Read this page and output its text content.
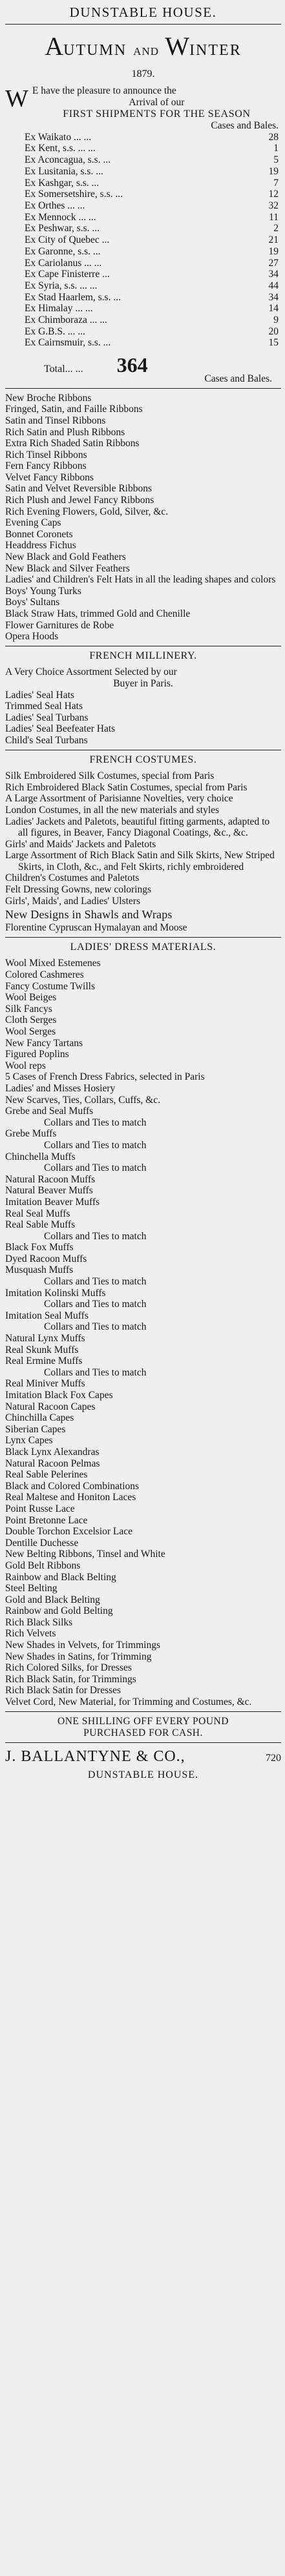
DUNSTABLE HOUSE.
AUTUMN AND WINTER
1879.
W E have the pleasure to announce the
Arrival of our
FIRST SHIPMENTS FOR THE SEASON
Cases and Bales.
Ex Waikato ... ...	28
Ex Kent, s.s. ... ...	1
Ex Aconcagua, s.s. ...	5
Ex Lusitania, s.s. ...	19
Ex Kashgar, s.s. ...	7
Ex Somersetshire, s.s. ...	12
Ex Orthes ... ...	32
Ex Mennock ... ...	11
Ex Peshwar, s.s. ...	2
Ex City of Quebec ...	21
Ex Garonne, s.s. ...	19
Ex Cariolanus ... ...	27
Ex Cape Finisterre ...	34
Ex Syria, s.s. ... ...	44
Ex Stad Haarlem, s.s. ...	34
Ex Himalay ... ...	14
Ex Chimboraza ... ...	9
Ex G.B.S. ... ...	20
Ex Cairnsmuir, s.s. ...	15
Total... ... 364
Cases and Bales.
New Broche Ribbons
Fringed, Satin, and Faille Ribbons
Satin and Tinsel Ribbons
Rich Satin and Plush Ribbons
Extra Rich Shaded Satin Ribbons
Rich Tinsel Ribbons
Fern Fancy Ribbons
Velvet Fancy Ribbons
Satin and Velvet Reversible Ribbons
Rich Plush and Jewel Fancy Ribbons
Rich Evening Flowers, Gold, Silver, &c.
Evening Caps
Bonnet Coronets
Headdress Fichus
New Black and Gold Feathers
New Black and Silver Feathers
Ladies' and Children's Felt Hats in all the leading shapes and colors
Boys' Young Turks
Boys' Sultans
Black Straw Hats, trimmed Gold and Chenille
Flower Garnitures de Robe
Opera Hoods
FRENCH MILLINERY.
A Very Choice Assortment Selected by our
Buyer in Paris.
Ladies' Seal Hats
Trimmed Seal Hats
Ladies' Seal Turbans
Ladies' Seal Beefeater Hats
Child's Seal Turbans
FRENCH COSTUMES.
Silk Embroidered Silk Costumes, special from Paris
Rich Embroidered Black Satin Costumes, special from Paris
A Large Assortment of Parisianne Novelties, very choice
London Costumes, in all the new materials and styles
Ladies' Jackets and Paletots, beautiful fitting garments, adapted to all figures, in Beaver, Fancy Diagonal Coatings, &c., &c.
Girls' and Maids' Jackets and Paletots
Large Assortment of Rich Black Satin and Silk Skirts, New Striped Skirts, in Cloth, &c., and Felt Skirts, richly embroidered
Children's Costumes and Paletots
Felt Dressing Gowns, new colorings
Girls', Maids', and Ladies' Ulsters
New Designs in Shawls and Wraps
Florentine Cypruscan Hymalayan and Moose
LADIES' DRESS MATERIALS.
Wool Mixed Estemenes
Colored Cashmeres
Fancy Costume Twills
Wool Beiges
Silk Fancys
Cloth Serges
Wool Serges
New Fancy Tartans
Figured Poplins
Wool reps
5 Cases of French Dress Fabrics, selected in Paris
Ladies' and Misses Hosiery
New Scarves, Ties, Collars, Cuffs, &c.
Grebe and Seal Muffs
Collars and Ties to match
Grebe Muffs
Collars and Ties to match
Chinchella Muffs
Collars and Ties to match
Natural Racoon Muffs
Natural Beaver Muffs
Imitation Beaver Muffs
Real Seal Muffs
Real Sable Muffs
Collars and Ties to match
Black Fox Muffs
Dyed Racoon Muffs
Musquash Muffs
Collars and Ties to match
Imitation Kolinski Muffs
Collars and Ties to match
Imitation Seal Muffs
Collars and Ties to match
Natural Lynx Muffs
Real Skunk Muffs
Real Ermine Muffs
Collars and Ties to match
Real Miniver Muffs
Imitation Black Fox Capes
Natural Racoon Capes
Chinchilla Capes
Siberian Capes
Lynx Capes
Black Lynx Alexandras
Natural Racoon Pelmas
Real Sable Pelerines
Black and Colored Combinations
Real Maltese and Honiton Laces
Point Russe Lace
Point Bretonne Lace
Double Torchon Excelsior Lace
Dentille Duchesse
New Belting Ribbons, Tinsel and White
Gold Belt Ribbons
Rainbow and Black Belting
Steel Belting
Gold and Black Belting
Rainbow and Gold Belting
Rich Black Silks
Rich Velvets
New Shades in Velvets, for Trimmings
New Shades in Satins, for Trimming
Rich Colored Silks, for Dresses
Rich Black Satin, for Trimmings
Rich Black Satin for Dresses
Velvet Cord, New Material, for Trimming and Costumes, &c.
ONE SHILLING OFF EVERY POUND
PURCHASED FOR CASH.
J. BALLANTYNE & CO.,	720
DUNSTABLE HOUSE.
